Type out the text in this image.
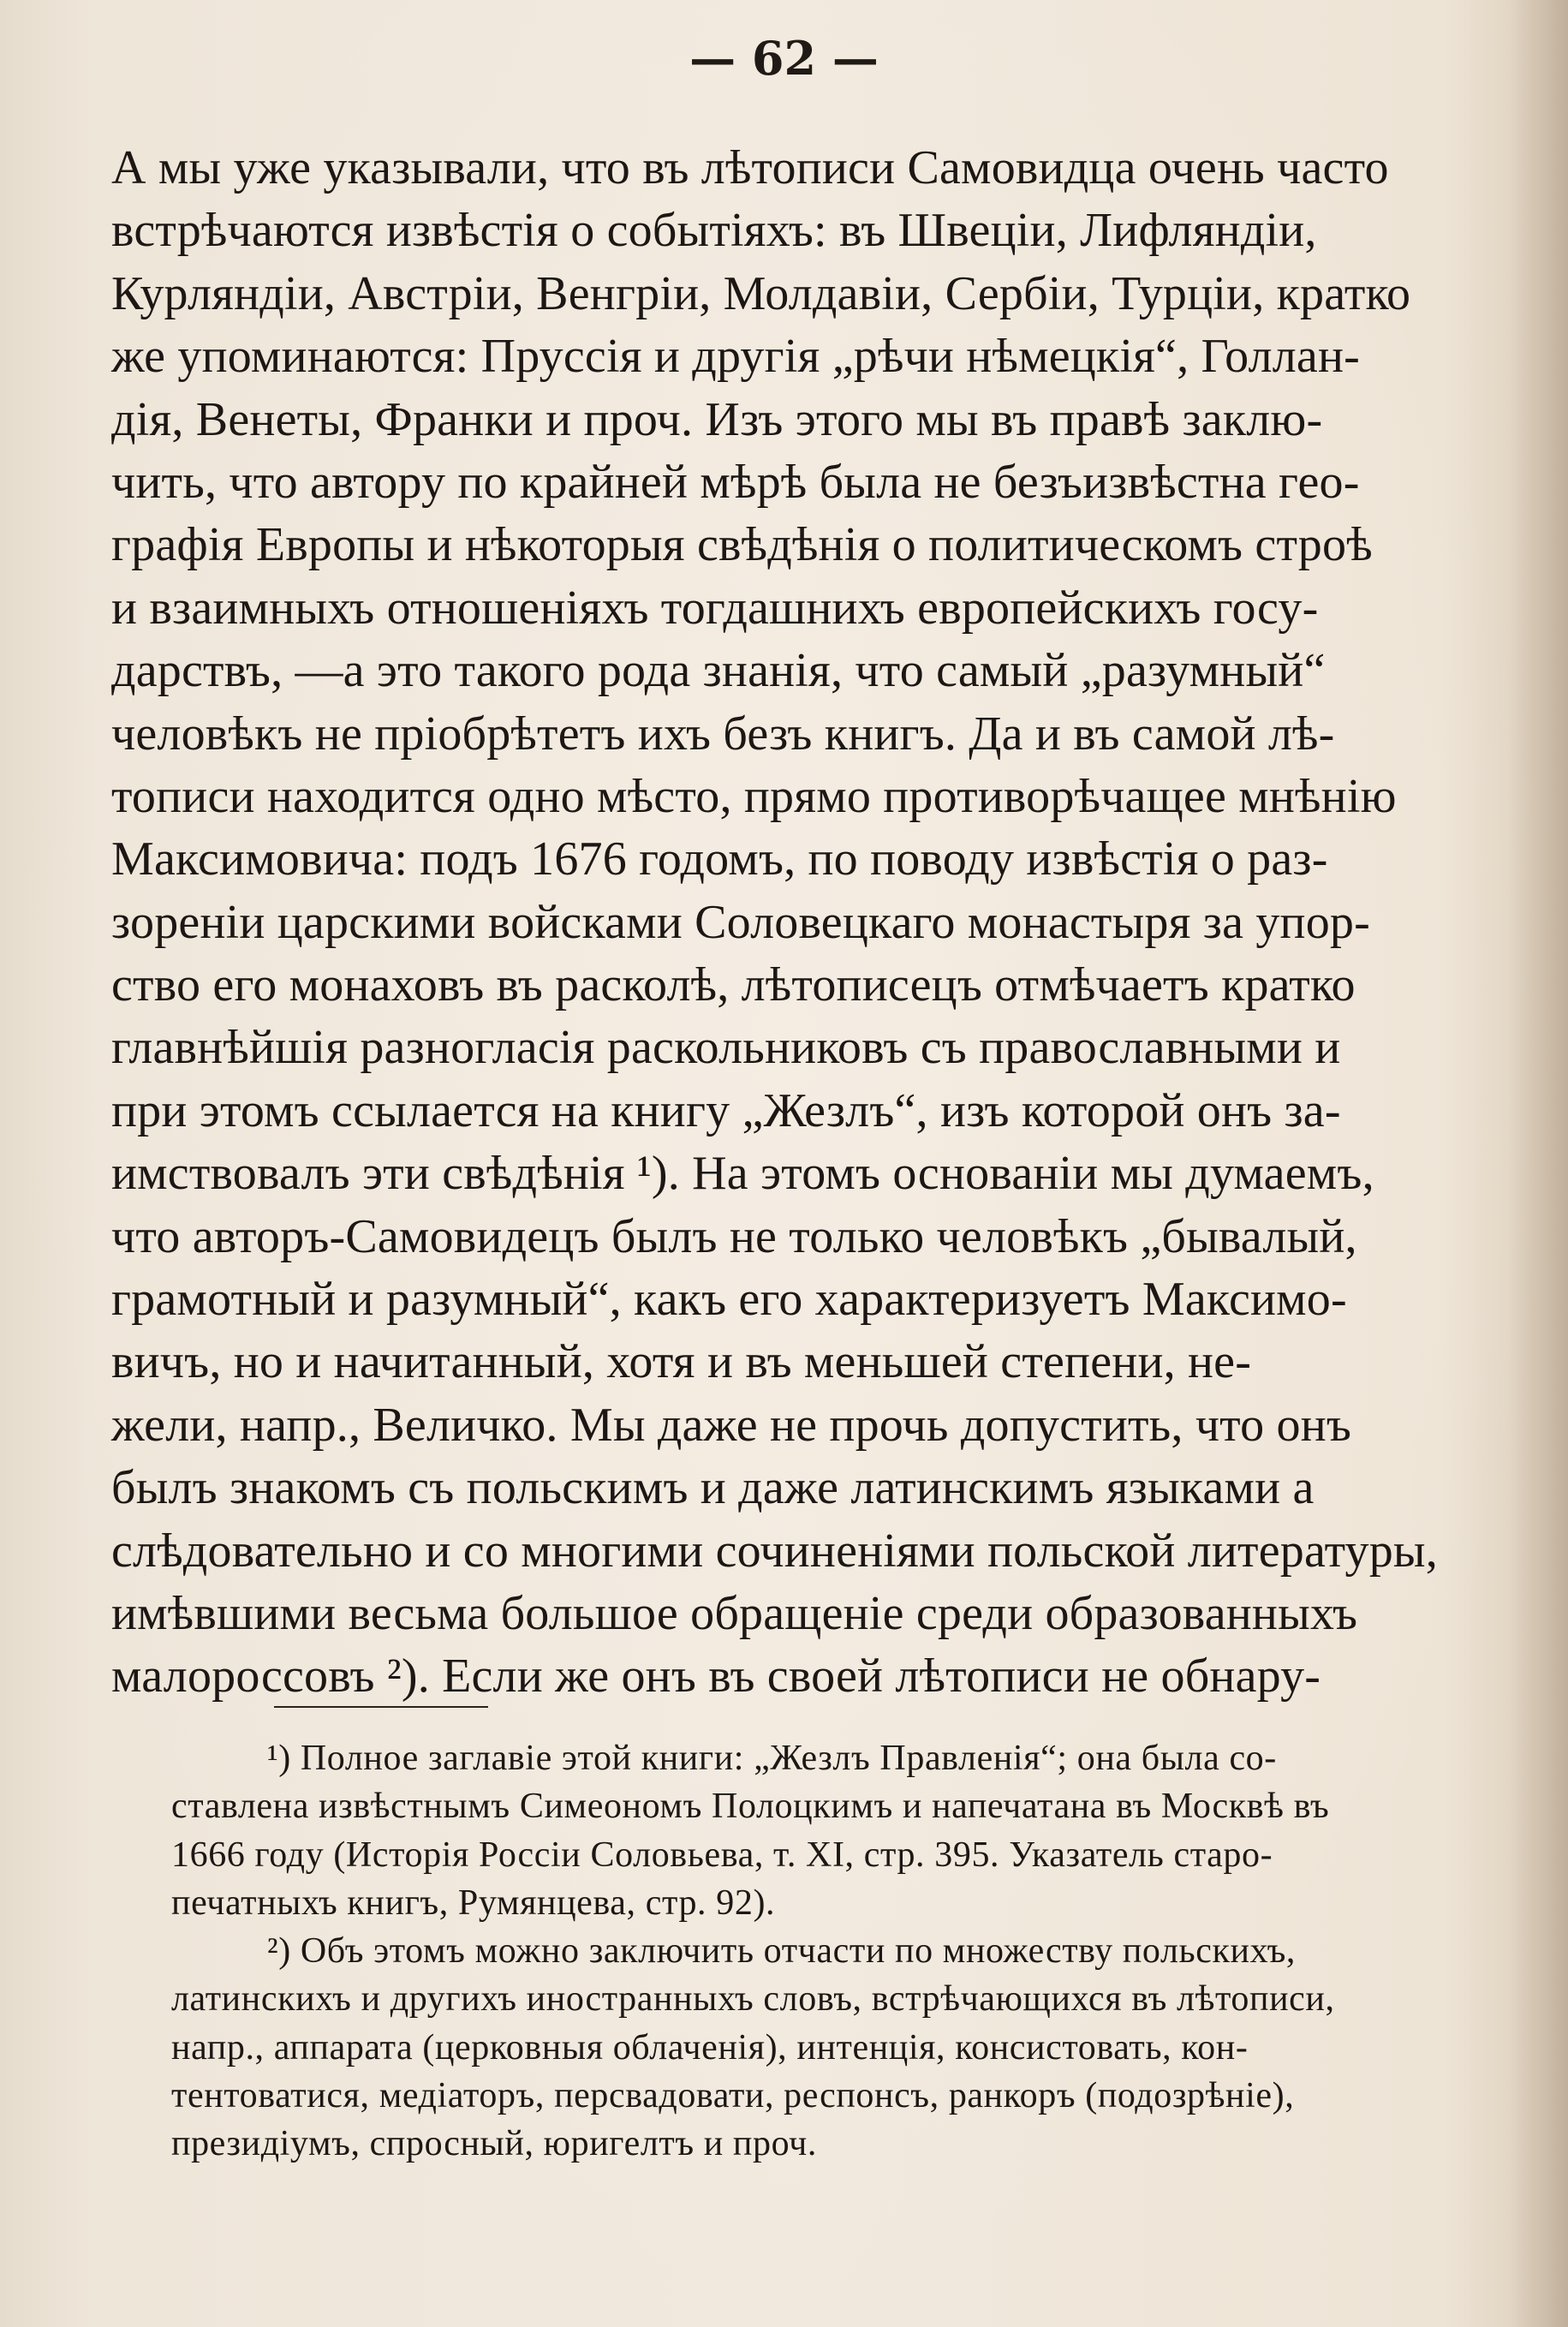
— 62 —
А мы уже указывали, что въ лѣтописи Самовидца очень часто
встрѣчаются извѣстія о событіяхъ: въ Швеціи, Лифляндіи,
Курляндіи, Австріи, Венгріи, Молдавіи, Сербіи, Турціи, кратко
же упоминаются: Пруссія и другія „рѣчи нѣмецкія“, Голлан-
дія, Венеты, Франки и проч. Изъ этого мы въ правѣ заклю-
чить, что автору по крайней мѣрѣ была не безъизвѣстна гео-
графія Европы и нѣкоторыя свѣдѣнія о политическомъ строѣ
и взаимныхъ отношеніяхъ тогдашнихъ европейскихъ госу-
дарствъ, —а это такого рода знанія, что самый „разумный“
человѣкъ не пріобрѣтетъ ихъ безъ книгъ. Да и въ самой лѣ-
тописи находится одно мѣсто, прямо противорѣчащее мнѣнію
Максимовича: подъ 1676 годомъ, по поводу извѣстія о раз-
зореніи царскими войсками Соловецкаго монастыря за упор-
ство его монаховъ въ расколѣ, лѣтописецъ отмѣчаетъ кратко
главнѣйшія разногласія раскольниковъ съ православными и
при этомъ ссылается на книгу „Жезлъ“, изъ которой онъ за-
имствовалъ эти свѣдѣнія ¹). На этомъ основаніи мы думаемъ,
что авторъ-Самовидецъ былъ не только человѣкъ „бывалый,
грамотный и разумный“, какъ его характеризуетъ Максимо-
вичъ, но и начитанный, хотя и въ меньшей степени, не-
жели, напр., Величко. Мы даже не прочь допустить, что онъ
былъ знакомъ съ польскимъ и даже латинскимъ языками а
слѣдовательно и со многими сочиненіями польской литературы,
имѣвшими весьма большое обращеніе среди образованныхъ
малороссовъ ²). Если же онъ въ своей лѣтописи не обнару-
¹) Полное заглавіе этой книги: „Жезлъ Правленія“; она была со-
ставлена извѣстнымъ Симеономъ Полоцкимъ и напечатана въ Москвѣ въ
1666 году (Исторія Россіи Соловьева, т. XI, стр. 395. Указатель старо-
печатныхъ книгъ, Румянцева, стр. 92).
²) Объ этомъ можно заключить отчасти по множеству польскихъ,
латинскихъ и другихъ иностранныхъ словъ, встрѣчающихся въ лѣтописи,
напр., аппарата (церковныя облаченія), интенція, консистовать, кон-
тентоватися, медіаторъ, персвадовати, респонсъ, ранкоръ (подозрѣніе),
президіумъ, спросный, юригелтъ и проч.
